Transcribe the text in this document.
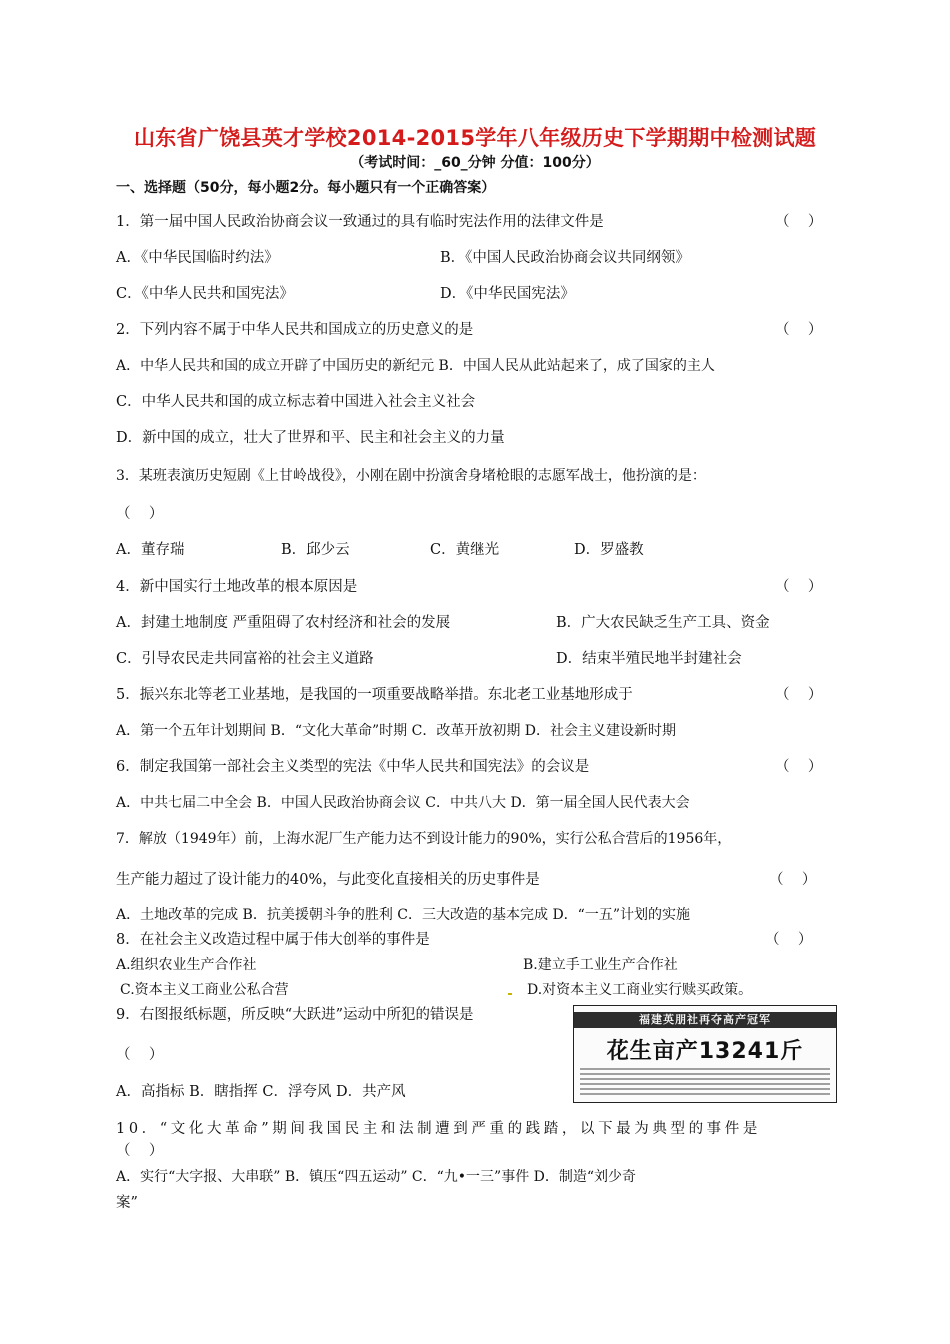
山东省广饶县英才学校2014-2015学年八年级历史下学期期中检测试题
（考试时间：_60_分钟 分值：100分）
一、选择题（50分，每小题2分。每小题只有一个正确答案）
1．第一届中国人民政治协商会议一致通过的具有临时宪法作用的法律文件是	（    ）
A．《中华民国临时约法》	B．《中国人民政治协商会议共同纲领》
C．《中华人民共和国宪法》	D．《中华民国宪法》
2．下列内容不属于中华人民共和国成立的历史意义的是	（    ）
A．中华人民共和国的成立开辟了中国历史的新纪元 B．中国人民从此站起来了，成了国家的主人
C．中华人民共和国的成立标志着中国进入社会主义社会
D．新中国的成立，壮大了世界和平、民主和社会主义的力量
3．某班表演历史短剧《上甘岭战役》，小刚在剧中扮演舍身堵枪眼的志愿军战士，他扮演的是：
（    ）
A．董存瑞	B．邱少云	C．黄继光	D．罗盛教
4．新中国实行土地改革的根本原因是	（    ）
A．封建土地制度 严重阻碍了农村经济和社会的发展	B．广大农民缺乏生产工具、资金
C．引导农民走共同富裕的社会主义道路	D．结束半殖民地半封建社会
5．振兴东北等老工业基地，是我国的一项重要战略举措。东北老工业基地形成于	（    ）
A．第一个五年计划期间 B．“文化大革命”时期 C．改革开放初期 D．社会主义建设新时期
6．制定我国第一部社会主义类型的宪法《中华人民共和国宪法》的会议是	（    ）
A．中共七届二中全会 B．中国人民政治协商会议 C．中共八大 D．第一届全国人民代表大会
7．解放（1949年）前，上海水泥厂生产能力达不到设计能力的90%，实行公私合营后的1956年，
生产能力超过了设计能力的40%，与此变化直接相关的历史事件是	（    ）
A．土地改革的完成 B．抗美援朝斗争的胜利 C．三大改造的基本完成 D．“一五”计划的实施
8．在社会主义改造过程中属于伟大创举的事件是	（    ）
A.组织农业生产合作社	B.建立手工业生产合作社
C.资本主义工商业公私合营	D.对资本主义工商业实行赎买政策。
9．右图报纸标题，所反映“大跃进”运动中所犯的错误是	福建英朋社再夺高产冠军
花生亩产13241斤
（    ）
A．高指标 B．瞎指挥 C．浮夸风 D．共产风
10．“文化大革命”期间我国民主和法制遭到严重的践踏，以下最为典型的事件是
（    ）
A．实行“大字报、大串联” B．镇压“四五运动” C．“九•一三”事件 D．制造“刘少奇
案”
